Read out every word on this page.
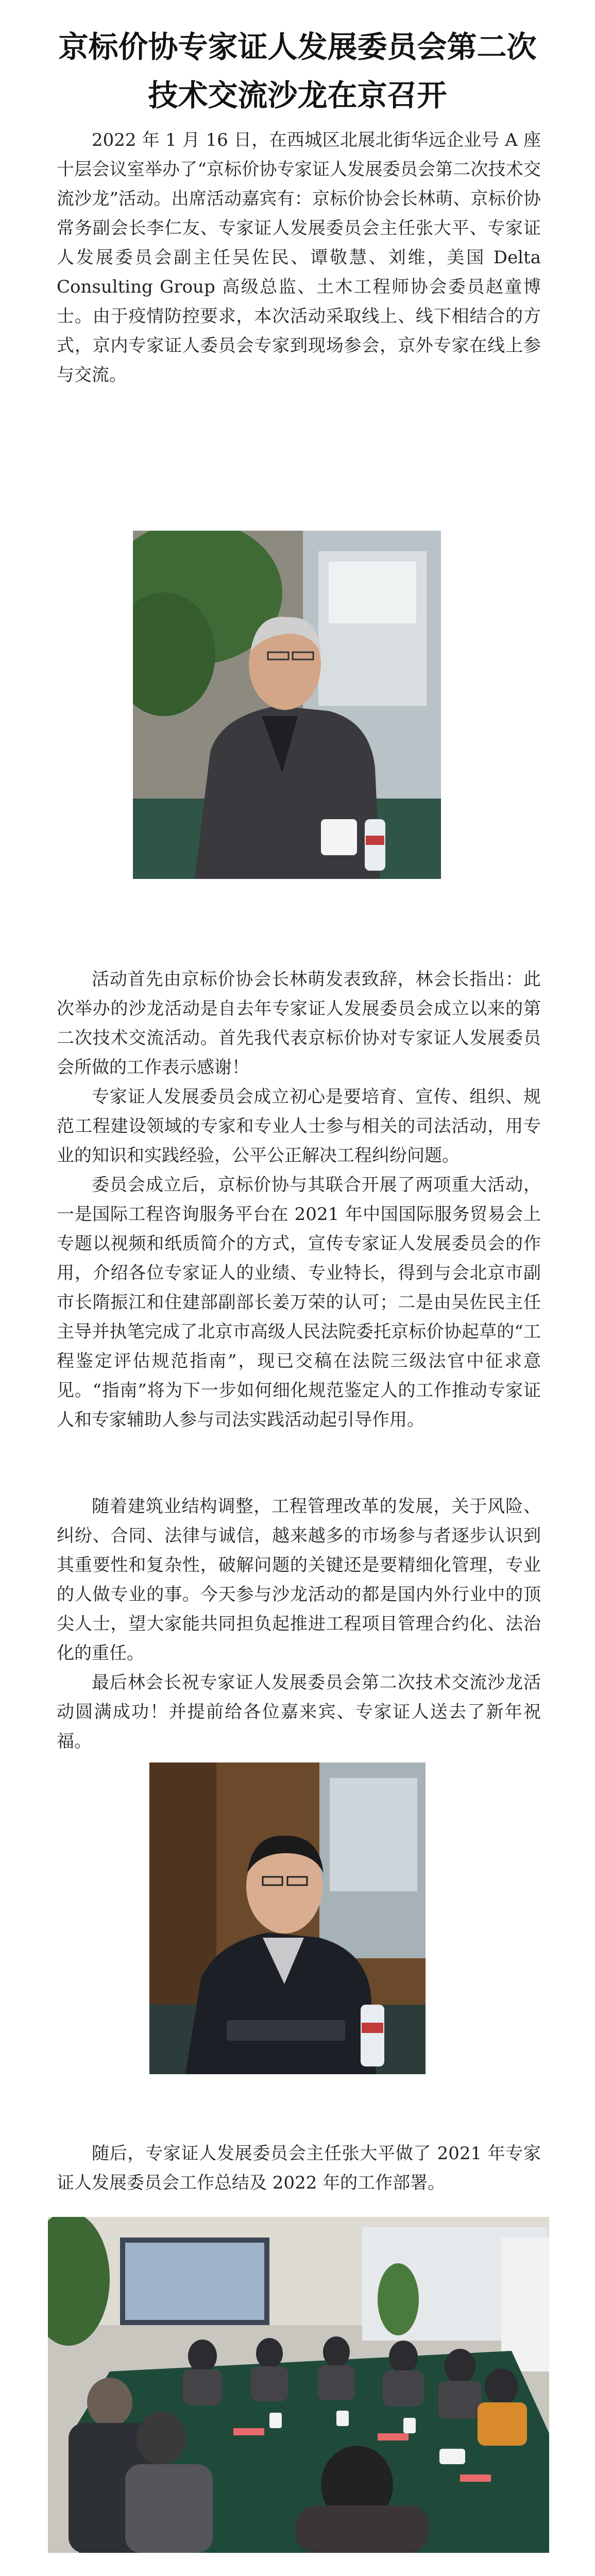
京标价协专家证人发展委员会第二次
技术交流沙龙在京召开

2022 年 1 月 16 日，在西城区北展北街华远企业号 A 座十层会议室举办了“京标价协专家证人发展委员会第二次技术交流沙龙”活动。出席活动嘉宾有：京标价协会长林萌、京标价协常务副会长李仁友、专家证人发展委员会主任张大平、专家证人发展委员会副主任吴佐民、谭敬慧、刘维，美国 Delta Consulting Group 高级总监、土木工程师协会委员赵童博士。由于疫情防控要求，本次活动采取线上、线下相结合的方式，京内专家证人委员会专家到现场参会，京外专家在线上参与交流。

活动首先由京标价协会长林萌发表致辞，林会长指出：此次举办的沙龙活动是自去年专家证人发展委员会成立以来的第二次技术交流活动。首先我代表京标价协对专家证人发展委员会所做的工作表示感谢！

专家证人发展委员会成立初心是要培育、宣传、组织、规范工程建设领域的专家和专业人士参与相关的司法活动，用专业的知识和实践经验，公平公正解决工程纠纷问题。

委员会成立后，京标价协与其联合开展了两项重大活动，一是国际工程咨询服务平台在 2021 年中国国际服务贸易会上专题以视频和纸质简介的方式，宣传专家证人发展委员会的作用，介绍各位专家证人的业绩、专业特长，得到与会北京市副市长隋振江和住建部副部长姜万荣的认可；二是由吴佐民主任主导并执笔完成了北京市高级人民法院委托京标价协起草的“工程鉴定评估规范指南”，现已交稿在法院三级法官中征求意见。“指南”将为下一步如何细化规范鉴定人的工作推动专家证人和专家辅助人参与司法实践活动起引导作用。

随着建筑业结构调整，工程管理改革的发展，关于风险、纠纷、合同、法律与诚信，越来越多的市场参与者逐步认识到其重要性和复杂性，破解问题的关键还是要精细化管理，专业的人做专业的事。今天参与沙龙活动的都是国内外行业中的顶尖人士，望大家能共同担负起推进工程项目管理合约化、法治化的重任。

最后林会长祝专家证人发展委员会第二次技术交流沙龙活动圆满成功！并提前给各位嘉来宾、专家证人送去了新年祝福。

随后，专家证人发展委员会主任张大平做了 2021 年专家证人发展委员会工作总结及 2022 年的工作部署。
